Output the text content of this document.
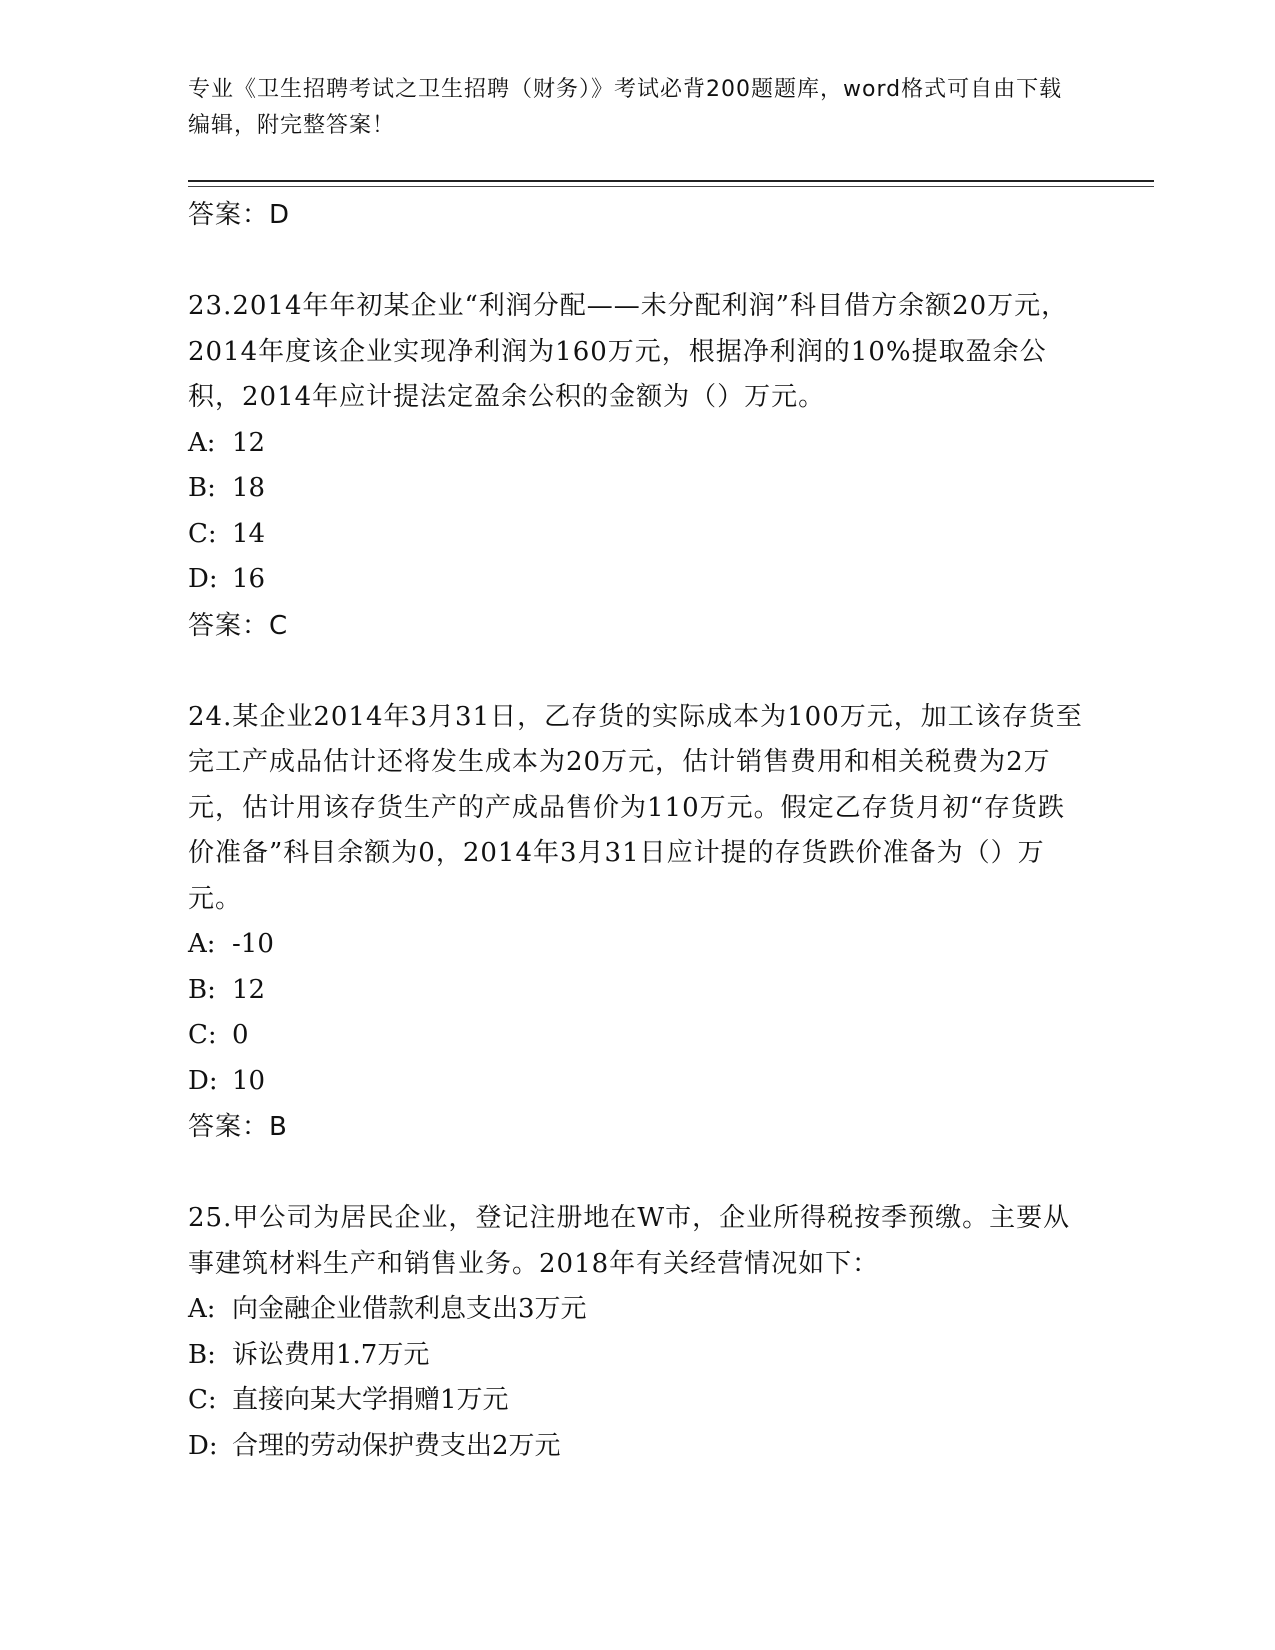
专业《卫生招聘考试之卫生招聘（财务）》考试必背200题题库，word格式可自由下载编辑，附完整答案！
答案：D
23.2014年年初某企业“利润分配——未分配利润”科目借方余额20万元，2014年度该企业实现净利润为160万元，根据净利润的10%提取盈余公积，2014年应计提法定盈余公积的金额为（）万元。
A: 12
B: 18
C: 14
D: 16
答案：C
24.某企业2014年3月31日，乙存货的实际成本为100万元，加工该存货至完工产成品估计还将发生成本为20万元，估计销售费用和相关税费为2万元，估计用该存货生产的产成品售价为110万元。假定乙存货月初“存货跌价准备”科目余额为0，2014年3月31日应计提的存货跌价准备为（）万元。
A: -10
B: 12
C: 0
D: 10
答案：B
25.甲公司为居民企业，登记注册地在W市，企业所得税按季预缴。主要从事建筑材料生产和销售业务。2018年有关经营情况如下：
A: 向金融企业借款利息支出3万元
B: 诉讼费用1.7万元
C: 直接向某大学捐赠1万元
D: 合理的劳动保护费支出2万元
